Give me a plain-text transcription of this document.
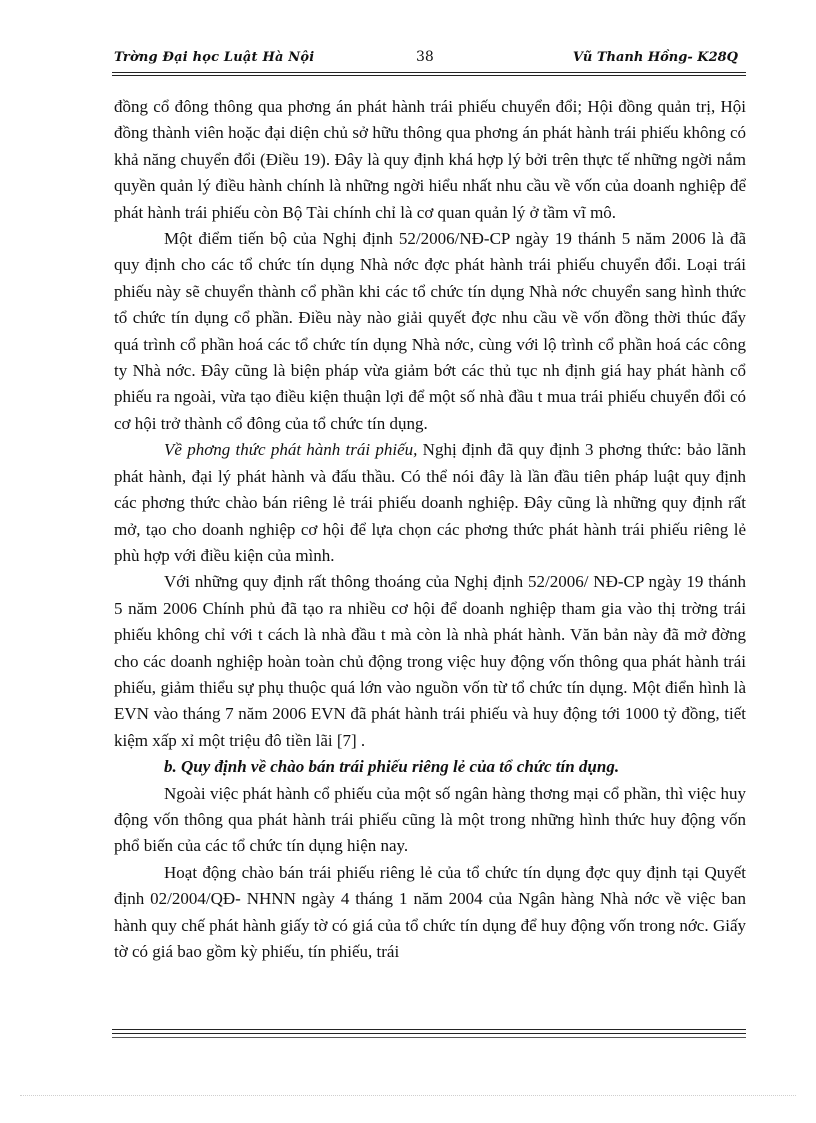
Trờng Đại học Luật Hà Nội	38	Vũ Thanh Hồng- K28Q

đồng cổ đông thông qua phơng án phát hành trái phiếu chuyển đổi; Hội đồng quản trị, Hội đồng thành viên hoặc đại diện chủ sở hữu thông qua phơng án phát hành trái phiếu không có khả năng chuyển đổi (Điều 19). Đây là quy định khá hợp lý bởi trên thực tế những ngời nắm quyền quản lý điều hành chính là những ngời hiểu nhất nhu cầu về vốn của doanh nghiệp để phát hành trái phiếu còn Bộ Tài chính chỉ là cơ quan quản lý ở tầm vĩ mô.

Một điểm tiến bộ của Nghị định 52/2006/NĐ-CP ngày 19 thánh 5 năm 2006 là đã quy định cho các tổ chức tín dụng Nhà nớc đợc phát hành trái phiếu chuyển đổi. Loại trái phiếu này sẽ chuyển thành cổ phần khi các tổ chức tín dụng Nhà nớc chuyển sang hình thức tổ chức tín dụng cổ phần. Điều này nào giải quyết đợc nhu cầu về vốn đồng thời thúc đẩy quá trình cổ phần hoá các tổ chức tín dụng Nhà nớc, cùng với lộ trình cổ phần hoá các công ty Nhà nớc. Đây cũng là biện pháp vừa giảm bớt các thủ tục nh định giá hay phát hành cổ phiếu ra ngoài, vừa tạo điều kiện thuận lợi để một số nhà đầu t mua trái phiếu chuyển đổi có cơ hội trở thành cổ đông của tổ chức tín dụng.

Về phơng thức phát hành trái phiếu, Nghị định đã quy định 3 phơng thức: bảo lãnh phát hành, đại lý phát hành và đấu thầu. Có thể nói đây là lần đầu tiên pháp luật quy định các phơng thức chào bán riêng lẻ trái phiếu doanh nghiệp. Đây cũng là những quy định rất mở, tạo cho doanh nghiệp cơ hội để lựa chọn các phơng thức phát hành trái phiếu riêng lẻ phù hợp với điều kiện của mình.

Với những quy định rất thông thoáng của Nghị định 52/2006/ NĐ-CP ngày 19 thánh 5 năm 2006 Chính phủ đã tạo ra nhiều cơ hội để doanh nghiệp tham gia vào thị trờng trái phiếu không chỉ với t cách là nhà đầu t mà còn là nhà phát hành. Văn bản này đã mở đờng cho các doanh nghiệp hoàn toàn chủ động trong việc huy động vốn thông qua phát hành trái phiếu, giảm thiểu sự phụ thuộc quá lớn vào nguồn vốn từ tổ chức tín dụng. Một điển hình là EVN vào tháng 7 năm 2006 EVN đã phát hành trái phiếu và huy động tới 1000 tỷ đồng, tiết kiệm xấp xỉ một triệu đô tiền lãi [7] .

b. Quy định về chào bán trái phiếu riêng lẻ của tổ chức tín dụng.

Ngoài việc phát hành cổ phiếu của một số ngân hàng thơng mại cổ phần, thì việc huy động vốn thông qua phát hành trái phiếu cũng là một trong những hình thức huy động vốn phổ biến của các tổ chức tín dụng hiện nay.

Hoạt động chào bán trái phiếu riêng lẻ của tổ chức tín dụng đợc quy định tại Quyết định 02/2004/QĐ- NHNN ngày 4 tháng 1 năm 2004 của Ngân hàng Nhà nớc về việc ban hành quy chế phát hành giấy tờ có giá của tổ chức tín dụng để huy động vốn trong nớc. Giấy tờ có giá bao gồm kỳ phiếu, tín phiếu, trái
